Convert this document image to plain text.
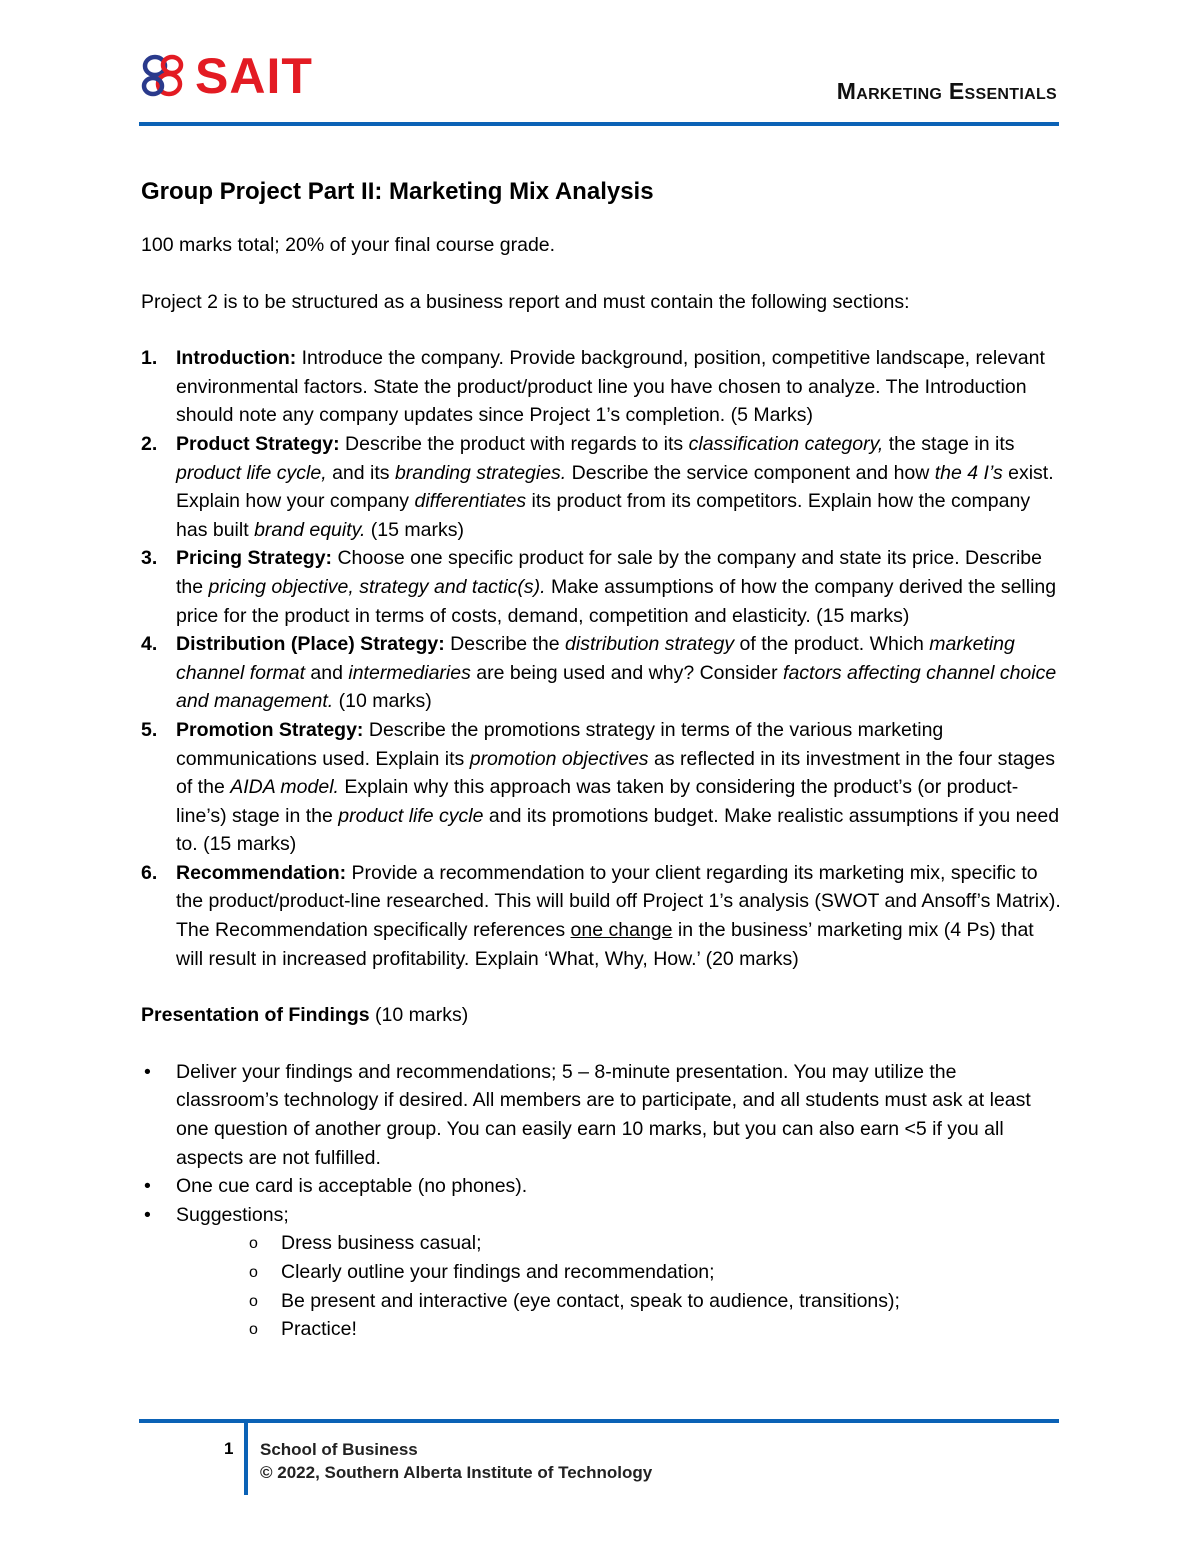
SAIT	Marketing Essentials
Group Project Part II: Marketing Mix Analysis

100 marks total; 20% of your final course grade.

Project 2 is to be structured as a business report and must contain the following sections:

1. Introduction: Introduce the company. Provide background, position, competitive landscape, relevant environmental factors. State the product/product line you have chosen to analyze. The Introduction should note any company updates since Project 1’s completion. (5 Marks)
2. Product Strategy: Describe the product with regards to its classification category, the stage in its product life cycle, and its branding strategies. Describe the service component and how the 4 I’s exist. Explain how your company differentiates its product from its competitors. Explain how the company has built brand equity. (15 marks)
3. Pricing Strategy: Choose one specific product for sale by the company and state its price. Describe the pricing objective, strategy and tactic(s). Make assumptions of how the company derived the selling price for the product in terms of costs, demand, competition and elasticity. (15 marks)
4. Distribution (Place) Strategy: Describe the distribution strategy of the product. Which marketing channel format and intermediaries are being used and why? Consider factors affecting channel choice and management. (10 marks)
5. Promotion Strategy: Describe the promotions strategy in terms of the various marketing communications used. Explain its promotion objectives as reflected in its investment in the four stages of the AIDA model. Explain why this approach was taken by considering the product’s (or product-line’s) stage in the product life cycle and its promotions budget. Make realistic assumptions if you need to. (15 marks)
6. Recommendation: Provide a recommendation to your client regarding its marketing mix, specific to the product/product-line researched. This will build off Project 1’s analysis (SWOT and Ansoff’s Matrix). The Recommendation specifically references one change in the business’ marketing mix (4 Ps) that will result in increased profitability. Explain ‘What, Why, How.’ (20 marks)

Presentation of Findings (10 marks)

• Deliver your findings and recommendations; 5 – 8-minute presentation. You may utilize the classroom’s technology if desired. All members are to participate, and all students must ask at least one question of another group. You can easily earn 10 marks, but you can also earn <5 if you all aspects are not fulfilled.
• One cue card is acceptable (no phones).
• Suggestions;
o Dress business casual;
o Clearly outline your findings and recommendation;
o Be present and interactive (eye contact, speak to audience, transitions);
o Practice!
1 School of Business
© 2022, Southern Alberta Institute of Technology
